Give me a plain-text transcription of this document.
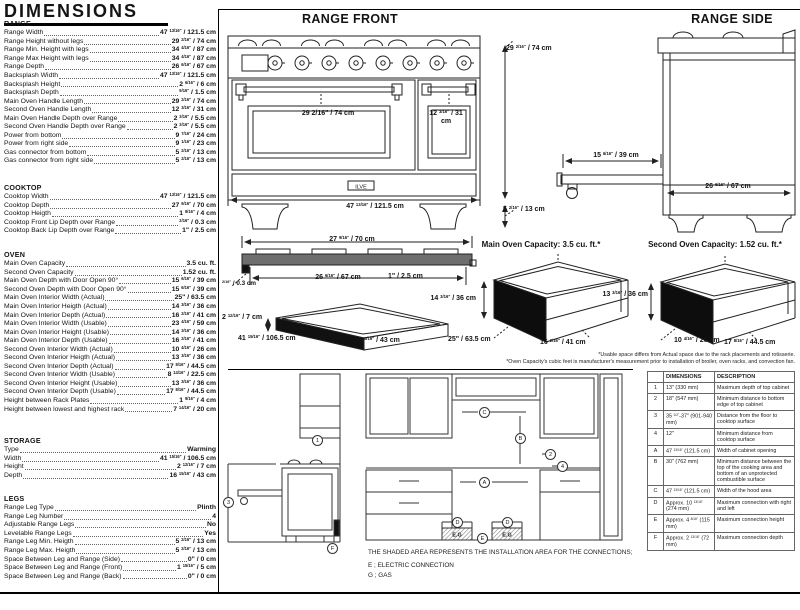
DIMENSIONS
RANGE
Range Width	47 $^{13/16"}$ / 121.5 cm
Range Height without legs	29 $^{2/16"}$ / 74 cm
Range Min. Height with legs	34 $^{4/16"}$ / 87 cm
Range Max Height with legs	34 $^{4/16"}$ / 87 cm
Range Depth	26 $^{6/16"}$ / 67 cm
Backsplash Width	47 $^{13/16"}$ / 121.5 cm
Backsplash Height	2 $^{6/16"}$ / 6 cm
Backsplash Depth	$^{9/16"}$ / 1.5 cm
Main Oven Handle Length	29 $^{2/16"}$ / 74 cm
Second Oven Handle Length	12 $^{3/16"}$ / 31 cm
Main Oven Handle Depth over Range	2 $^{3/16"}$ / 5.5 cm
Second Oven Handle Depth over Range	2 $^{3/16"}$ / 5.5 cm
Power from bottom	9 $^{7/16"}$ / 24 cm
Power from right side	9 $^{1/16"}$ / 23 cm
Gas connector from bottom	5 $^{2/16"}$ / 13 cm
Gas connector from right side	5 $^{2/16"}$ / 13 cm
COOKTOP
Cooktop Width	47 $^{13/16"}$ / 121.5 cm
Cooktop Depth	27 $^{9/16"}$ / 70 cm
Cooktop Heigth	1 $^{9/16"}$ / 4 cm
Cooktop Front Lip Depth over Range	$^{2/16"}$ / 0.3 cm
Cooktop Back Lip Depth over Range	1" / 2.5 cm
OVEN
Main Oven Capacity	3.5 cu. ft.
Second Oven Capacity	1.52 cu. ft.
Main Oven Depth with Door Open 90°	15 $^{6/16"}$ / 39 cm
Second Oven Depth with Door Open 90°	15 $^{6/16"}$ / 39 cm
Main Oven Interior Width (Actual)	25" / 63.5 cm
Main Oven Interior Heigth (Actual)	14 $^{3/16"}$ / 36 cm
Main Oven Interior Depth (Actual)	16 $^{2/16"}$ / 41 cm
Main Oven Interior Width (Usable)	23 $^{4/16"}$ / 59 cm
Main Oven Interior Height (Usable)	14 $^{3/16"}$ / 36 cm
Main Oven Interior Depth (Usable)	16 $^{2/16"}$ / 41 cm
Second Oven Interior Width (Actual)	10 $^{4/16"}$ / 26 cm
Second Oven Interior Heigth (Actual)	13 $^{3/16"}$ / 36 cm
Second Oven Interior Depth (Actual)	17 $^{8/16"}$ / 44.5 cm
Second Oven Interior Width (Usable)	8 $^{14/16"}$ / 22.5 cm
Second Oven Interior Height (Usable)	13 $^{3/16"}$ / 36 cm
Second Oven Interior Depth (Usable)	17 $^{8/16"}$ / 44.5 cm
Height between Rack Plates	1 $^{9/16"}$ / 4 cm
Height between lowest and highest rack	7 $^{14/16"}$ / 20 cm
STORAGE
Type	Warming
Width	41 $^{15/16"}$ / 106.5 cm
Height	2 $^{12/16"}$ / 7 cm
Depth	16 $^{15/16"}$ / 43 cm
LEGS
Range Leg Type	Plinth
Range Leg Number	4
Adjustable Range Legs	No
Levelable Range Legs	Yes
Range Leg Min. Heigth	5 $^{2/16"}$ / 13 cm
Range Leg Max. Heigth	5 $^{2/16"}$ / 13 cm
Space Between Leg and Range (Side)	0" / 0 cm
Space Between Leg and Range (Front)	1 $^{15/16"}$ / 5 cm
Space Between Leg and Range (Back)	0" / 0 cm
RANGE FRONT	RANGE SIDE
ILVE
29 2/16" / 74 cm	12 $^{3/16"}$ / 31 cm
47 $^{13/16"}$ / 121.5 cm
29 $^{2/16"}$ / 74 cm
5 $^{2/16"}$ / 13 cm
15 $^{6/16"}$ / 39 cm
26 $^{6/16"}$ / 67 cm
27 $^{9/16"}$ / 70 cm
26 $^{6/16"}$ / 67 cm	1" / 2.5 cm
$^{2/16"}$ / 0.3 cm
2 $^{12/16"}$ / 7 cm
41 $^{15/16"}$ / 106.5 cm	16 $^{15/16"}$ / 43 cm
Main Oven Capacity: 3.5 cu. ft.*
14 $^{3/16"}$ / 36 cm
25" / 63.5 cm	16 $^{2/16"}$ / 41 cm
Second Oven Capacity: 1.52 cu. ft.*
13 $^{3/16"}$ / 36 cm
10 $^{4/16"}$ / 26 cm 17 $^{8/16"}$ / 44.5 cm
*Usable space differs from Actual space due to the rack placements and rotisserie.
*Oven Capacity's cubic feet is manufacturer's measurement prior to installation of broiler, oven racks, and convection fan.
E.G	E.G
1
3
F
C
B
2
4
A
D	D
E
THE SHADED AREA REPRESENTS THE INSTALLATION AREA FOR THE CONNECTIONS;
E ; ELECTRIC CONNECTION
G ; GAS
	DIMENSIONS	DESCRIPTION
1	13" (330 mm)	Maximum depth of top cabinet
2	18" (547 mm)	Minimum distance to bottom edge of top cabinet
3	35 $^{1/2"}$-37" (901-940 mm)	Distance from the floor to cooktop surface
4	12"	Minimum distance from cooktop surface
A	47 $^{13/16"}$ (121.5 cm)	Width of cabinet opening
B	30" (762 mm)	Minimum distance between the top of the cooking area and bottom of an unprotected combustible surface
C	47 $^{13/16"}$ (121.5 cm)	Width of the hood area
D	Approx. 10 $^{13/16"}$ (274 mm)	Maximum connection with right and left
E	Approx. 4 $^{8/16"}$ (115 mm)	Maximum connection height
F	Approx. 2 $^{13/16"}$ (72 mm)	Maximum connection depth
